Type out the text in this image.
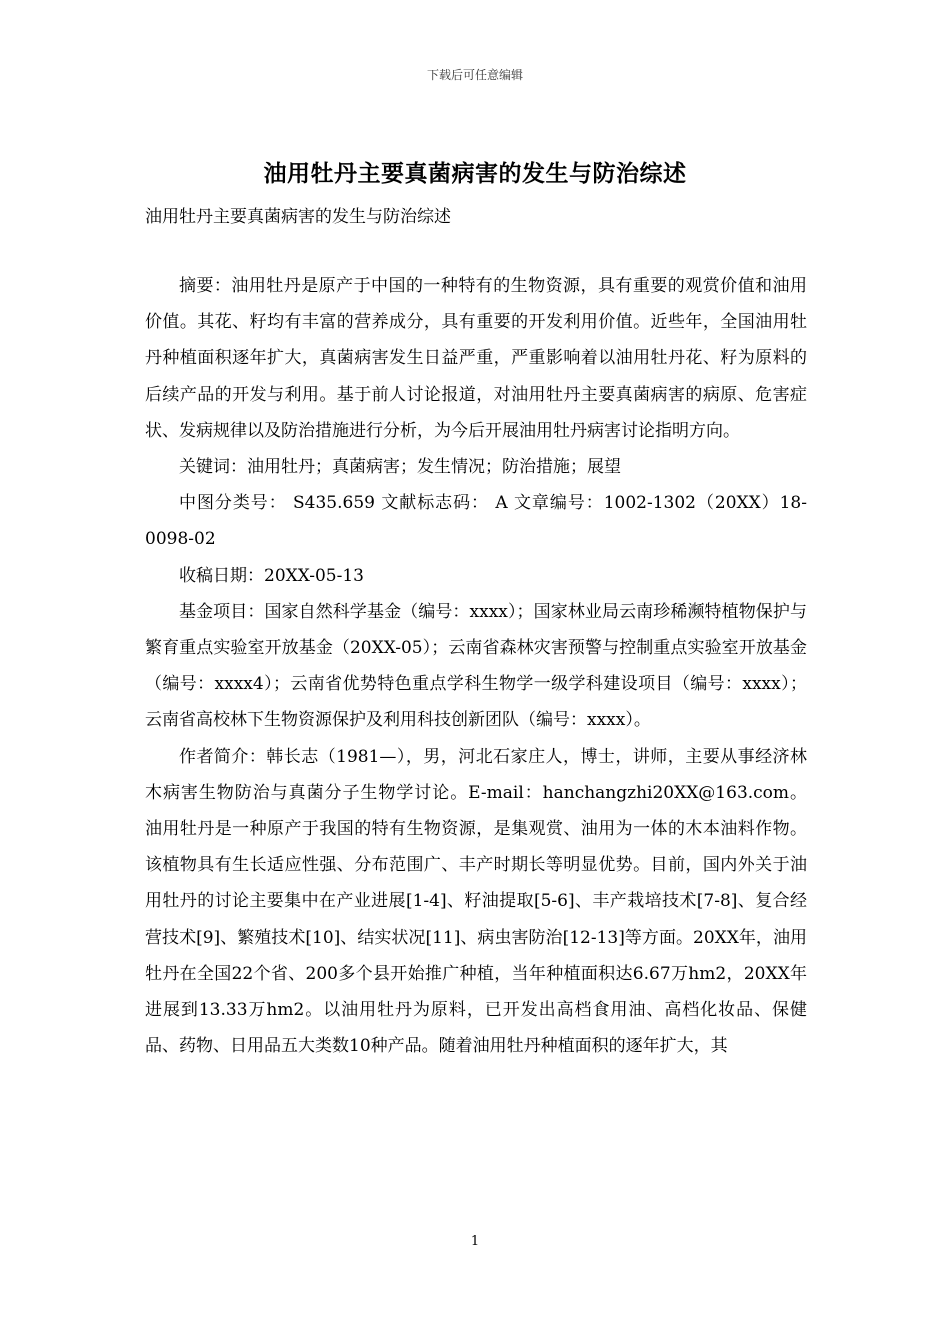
下载后可任意编辑
油用牡丹主要真菌病害的发生与防治综述
油用牡丹主要真菌病害的发生与防治综述

摘要：油用牡丹是原产于中国的一种特有的生物资源，具有重要的观赏价值和油用价值。其花、籽均有丰富的营养成分，具有重要的开发利用价值。近些年，全国油用牡丹种植面积逐年扩大，真菌病害发生日益严重，严重影响着以油用牡丹花、籽为原料的后续产品的开发与利用。基于前人讨论报道，对油用牡丹主要真菌病害的病原、危害症状、发病规律以及防治措施进行分析，为今后开展油用牡丹病害讨论指明方向。

关键词：油用牡丹；真菌病害；发生情况；防治措施；展望

中图分类号： S435.659 文献标志码： A 文章编号：1002-1302（20XX）18-0098-02

收稿日期：20XX-05-13

基金项目：国家自然科学基金（编号：xxxx）；国家林业局云南珍稀濒特植物保护与繁育重点实验室开放基金（20XX-05）；云南省森林灾害预警与控制重点实验室开放基金（编号：xxxx4）；云南省优势特色重点学科生物学一级学科建设项目（编号：xxxx）；云南省高校林下生物资源保护及利用科技创新团队（编号：xxxx）。

作者简介：韩长志（1981—），男，河北石家庄人，博士，讲师，主要从事经济林木病害生物防治与真菌分子生物学讨论。E-mail：hanchangzhi20XX@163.com。 油用牡丹是一种原产于我国的特有生物资源，是集观赏、油用为一体的木本油料作物。该植物具有生长适应性强、分布范围广、丰产时期长等明显优势。目前，国内外关于油用牡丹的讨论主要集中在产业进展[1-4]、籽油提取[5-6]、丰产栽培技术[7-8]、复合经营技术[9]、繁殖技术[10]、结实状况[11]、病虫害防治[12-13]等方面。20XX年，油用牡丹在全国22个省、200多个县开始推广种植，当年种植面积达6.67万hm2，20XX年进展到13.33万hm2。以油用牡丹为原料，已开发出高档食用油、高档化妆品、保健品、药物、日用品五大类数10种产品。随着油用牡丹种植面积的逐年扩大，其

1
